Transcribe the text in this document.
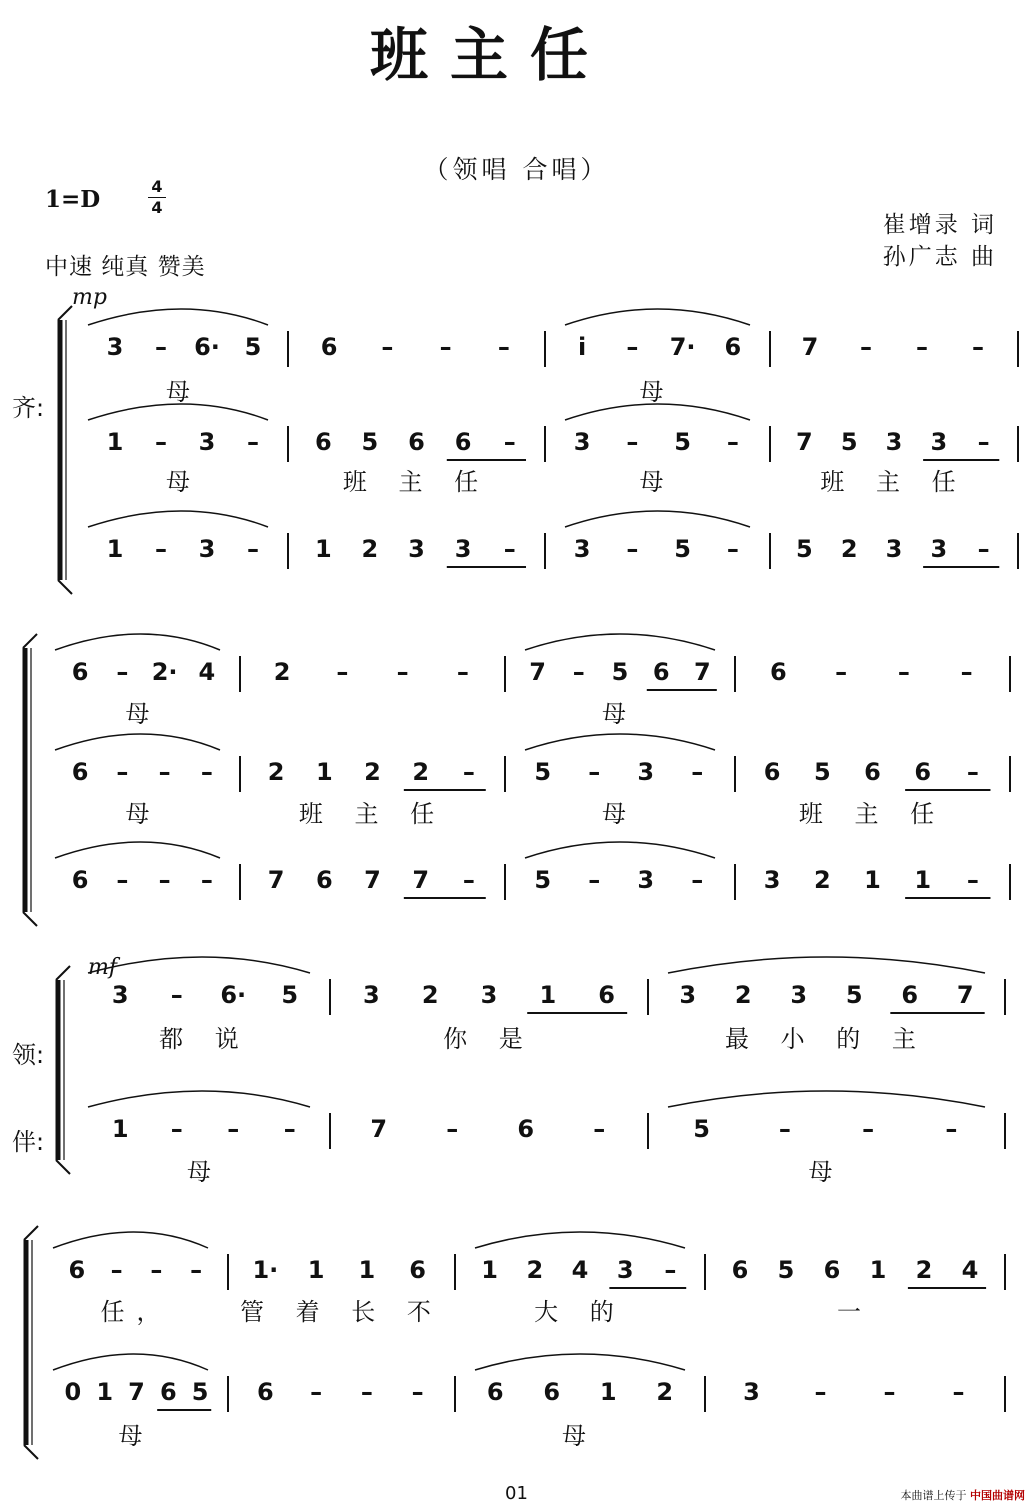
班主任
（领唱 合唱）
1=D	4
4
崔增录 词
孙广志 曲
中速 纯真 赞美
齐:
领:
伴:
mp
mf
3 – 6· 5
母
6 – – –	i – 7· 6
母
7 – – –
1 – 3 –
母
6 5 6 6 –
班 主 任
3 – 5 –
母
7 5 3 3 –
班 主 任
1 – 3 – 1 2 3 3 – 3 – 5 – 5 2 3 3 –
6 – 2· 4
母
2 – – –	7 – 5 6 7
母
6 – – –
6 – – –
母
2 1 2 2 –
班 主 任
5 – 3 –
母
6 5 6 6 –
班 主 任
6 – – – 7 6 7 7 – 5 – 3 –	3 2 1 1 –
3 – 6· 5
都 说
3 2 3 1 6
你 是
3 2 3 5 6 7
最 小 的 主
1 – – –
母
7 – 6 –	5	–	–	–
母
6 – – –
任，
1· 1 1 6
管 着 长 不
1 2 4 3 –
大 的
6 5 6 1 2 4
一
0 1 7 6 5
母
6 – – –	6 6 1 2
母
3 – – –
01	本曲谱上传于 中国曲谱网
